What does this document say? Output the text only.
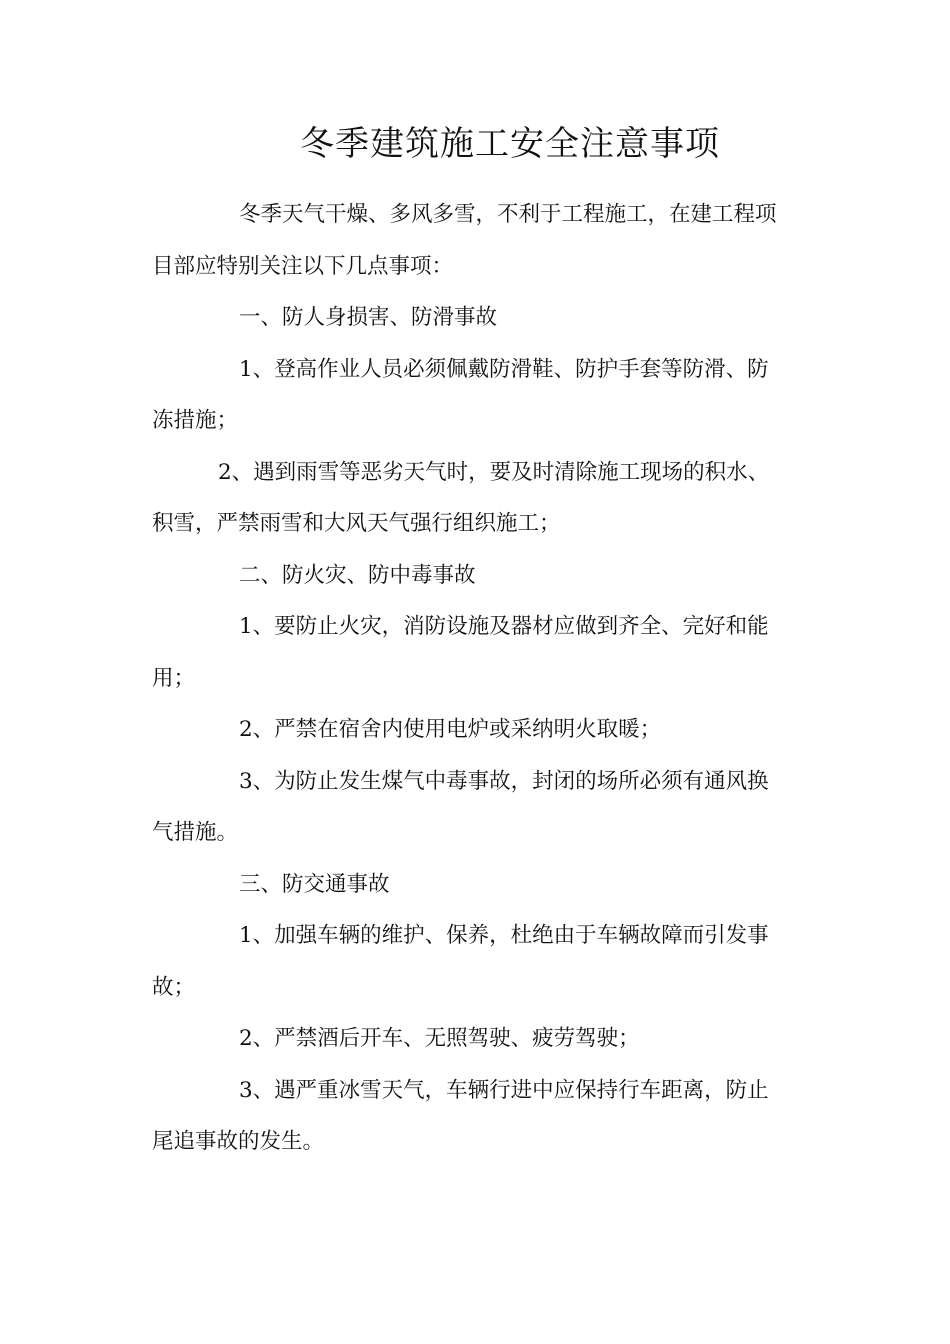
冬季建筑施工安全注意事项
冬季天气干燥、多风多雪，不利于工程施工，在建工程项
目部应特别关注以下几点事项：
一、防人身损害、防滑事故
1、登高作业人员必须佩戴防滑鞋、防护手套等防滑、防
冻措施；
2、遇到雨雪等恶劣天气时，要及时清除施工现场的积水、
积雪，严禁雨雪和大风天气强行组织施工；
二、防火灾、防中毒事故
1、要防止火灾，消防设施及器材应做到齐全、完好和能
用；
2、严禁在宿舍内使用电炉或采纳明火取暖；
3、为防止发生煤气中毒事故，封闭的场所必须有通风换
气措施。
三、防交通事故
1、加强车辆的维护、保养，杜绝由于车辆故障而引发事
故；
2、严禁酒后开车、无照驾驶、疲劳驾驶；
3、遇严重冰雪天气，车辆行进中应保持行车距离，防止
尾追事故的发生。
